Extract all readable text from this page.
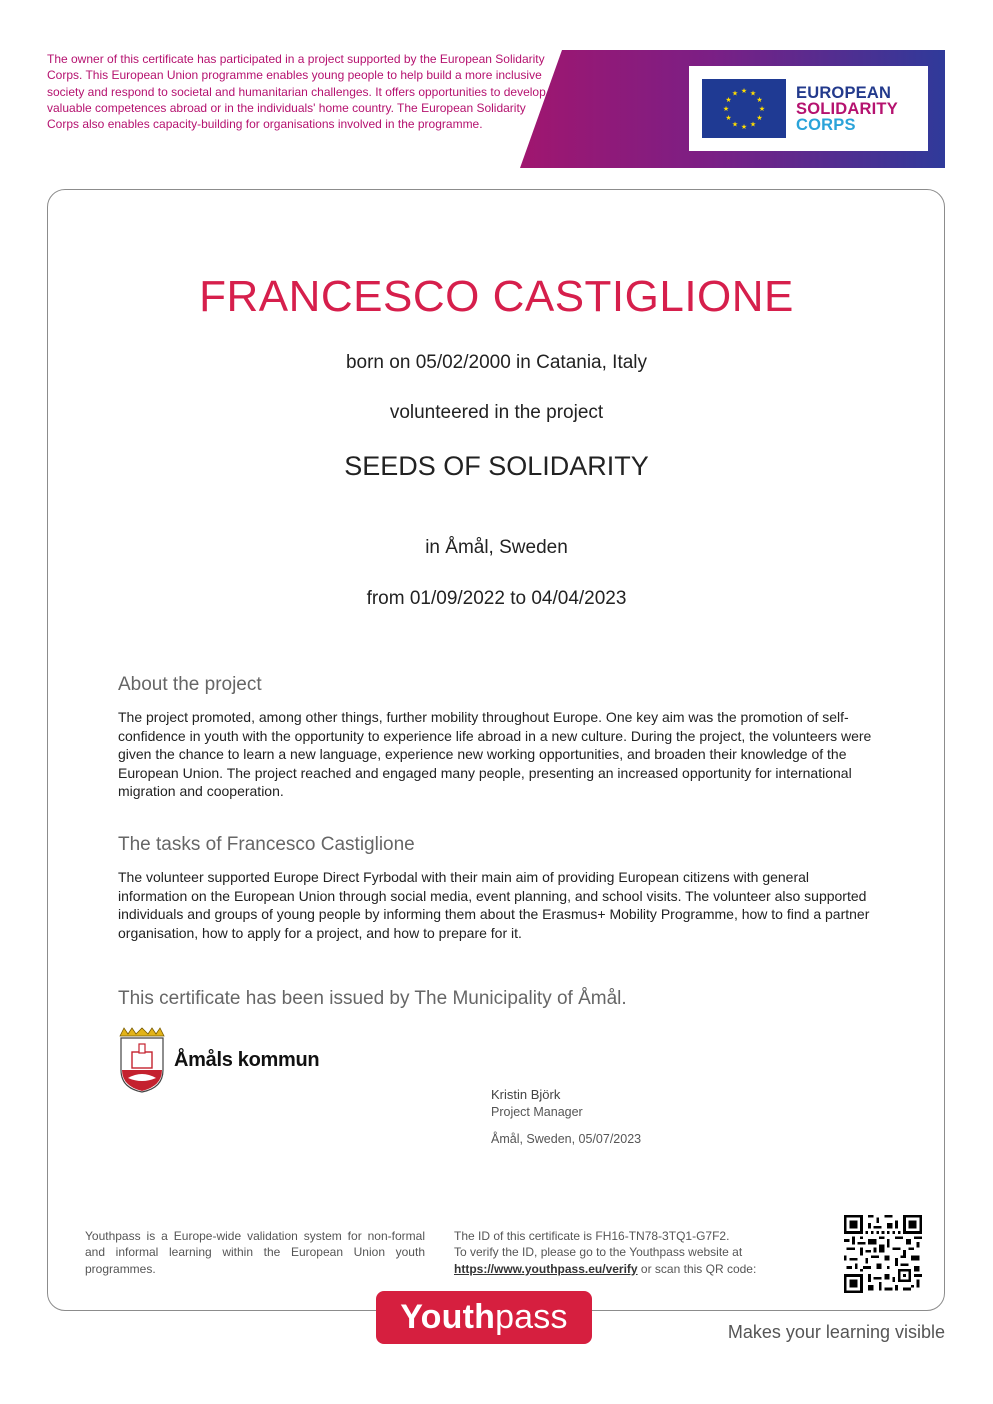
The owner of this certificate has participated in a project supported by the European Solidarity Corps. This European Union programme enables young people to help build a more inclusive society and respond to societal and humanitarian challenges. It offers opportunities to develop valuable competences abroad or in the individuals' home country. The European Solidarity Corps also enables capacity-building for organisations involved in the programme.
★ ★
★
★
★
★
★
★
★
★
★
★	EUROPEAN
SOLIDARITY
CORPS
FRANCESCO CASTIGLIONE
born on 05/02/2000 in Catania, Italy
volunteered in the project
SEEDS OF SOLIDARITY
in Åmål, Sweden
from 01/09/2022 to 04/04/2023
About the project
The project promoted, among other things, further mobility throughout Europe. One key aim was the promotion of self-confidence in youth with the opportunity to experience life abroad in a new culture. During the project, the volunteers were given the chance to learn a new language, experience new working opportunities, and broaden their knowledge of the European Union. The project reached and engaged many people, presenting an increased opportunity for international migration and cooperation.
The tasks of Francesco Castiglione
The volunteer supported Europe Direct Fyrbodal with their main aim of providing European citizens with general information on the European Union through social media, event planning, and school visits. The volunteer also supported individuals and groups of young people by informing them about the Erasmus+ Mobility Programme, how to find a partner organisation, how to apply for a project, and how to prepare for it.
This certificate has been issued by The Municipality of Åmål.
Åmåls kommun
Kristin Björk
Project Manager
Åmål, Sweden, 05/07/2023
Youthpass is a Europe-wide validation system for non-formal and informal learning within the European Union youth programmes.
The ID of this certificate is FH16-TN78-3TQ1-G7F2.
To verify the ID, please go to the Youthpass website at
https://www.youthpass.eu/verify or scan this QR code:
Youthpass	Makes your learning visible
